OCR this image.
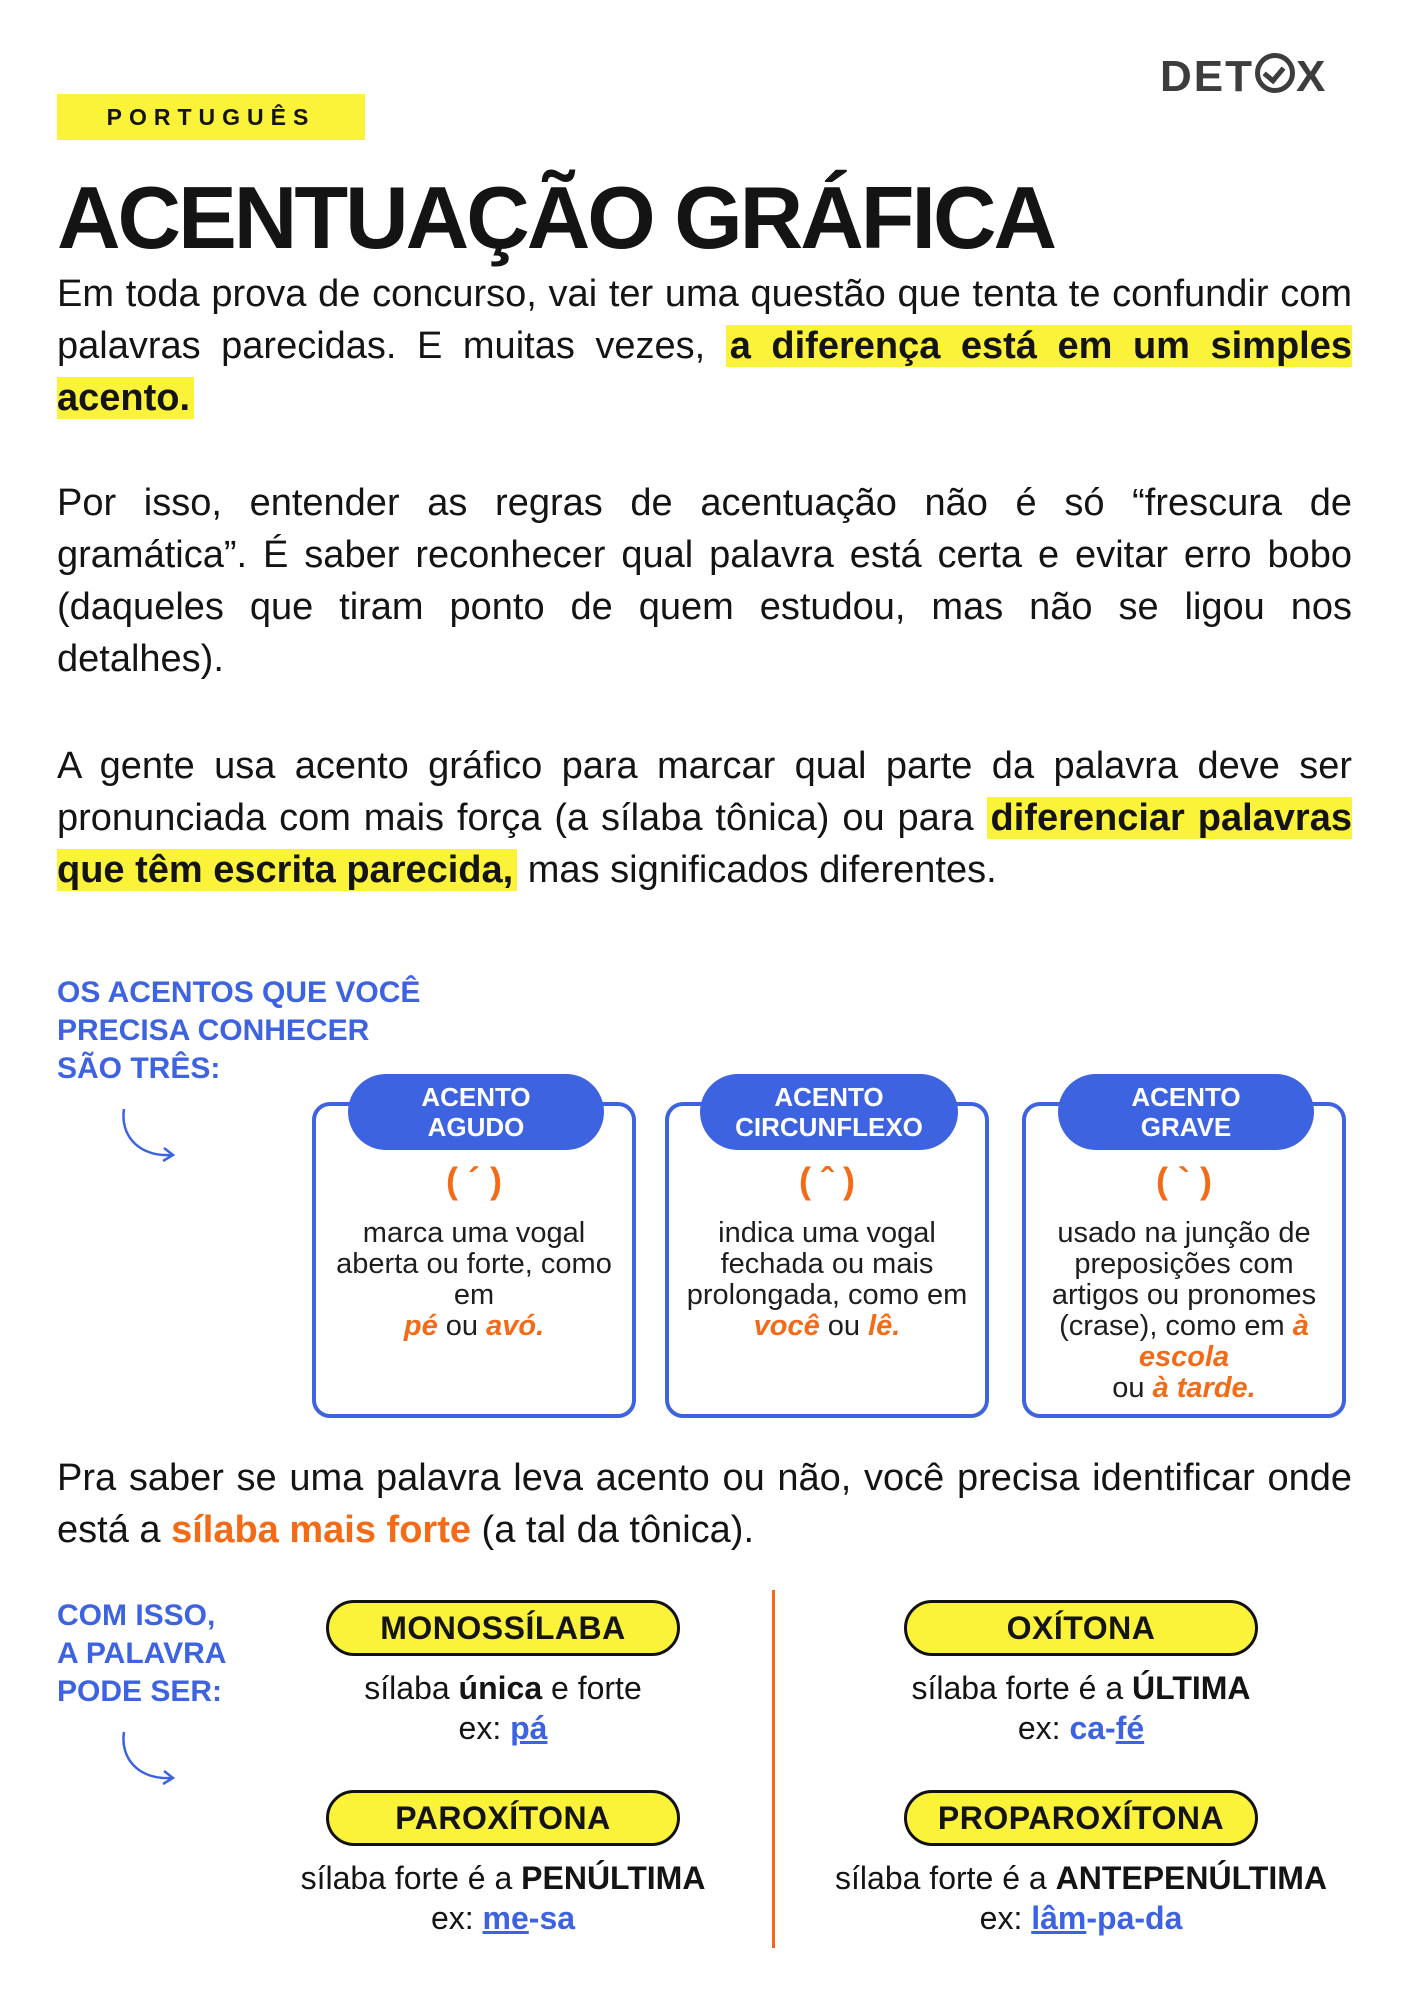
PORTUGUÊS
DET X
ACENTUAÇÃO GRÁFICA
Em toda prova de concurso, vai ter uma questão que tenta te confundir com palavras parecidas. E muitas vezes, a diferença está em um simples acento.
Por isso, entender as regras de acentuação não é só “frescura de gramática”. É saber reconhecer qual palavra está certa e evitar erro bobo (daqueles que tiram ponto de quem estudou, mas não se ligou nos detalhes).
A gente usa acento gráfico para marcar qual parte da palavra deve ser pronunciada com mais força (a sílaba tônica) ou para diferenciar palavras que têm escrita parecida, mas significados diferentes.
OS ACENTOS QUE VOCÊ
PRECISA CONHECER
SÃO TRÊS:
( ´ )
marca uma vogal aberta ou forte, como em
pé ou avó.
ACENTO
AGUDO
( ˆ )
indica uma vogal fechada ou mais prolongada, como em você ou lê.
ACENTO
CIRCUNFLEXO
( ` )
usado na junção de preposições com artigos ou pronomes (crase), como em à escola
ou à tarde.
ACENTO
GRAVE
Pra saber se uma palavra leva acento ou não, você precisa identificar onde está a sílaba mais forte (a tal da tônica).
COM ISSO,
A PALAVRA
PODE SER:
MONOSSÍLABA
sílaba única e forte
ex: pá
OXÍTONA
sílaba forte é a ÚLTIMA
ex: ca-fé
PAROXÍTONA
sílaba forte é a PENÚLTIMA
ex: me-sa
PROPAROXÍTONA
sílaba forte é a ANTEPENÚLTIMA
ex: lâm-pa-da
